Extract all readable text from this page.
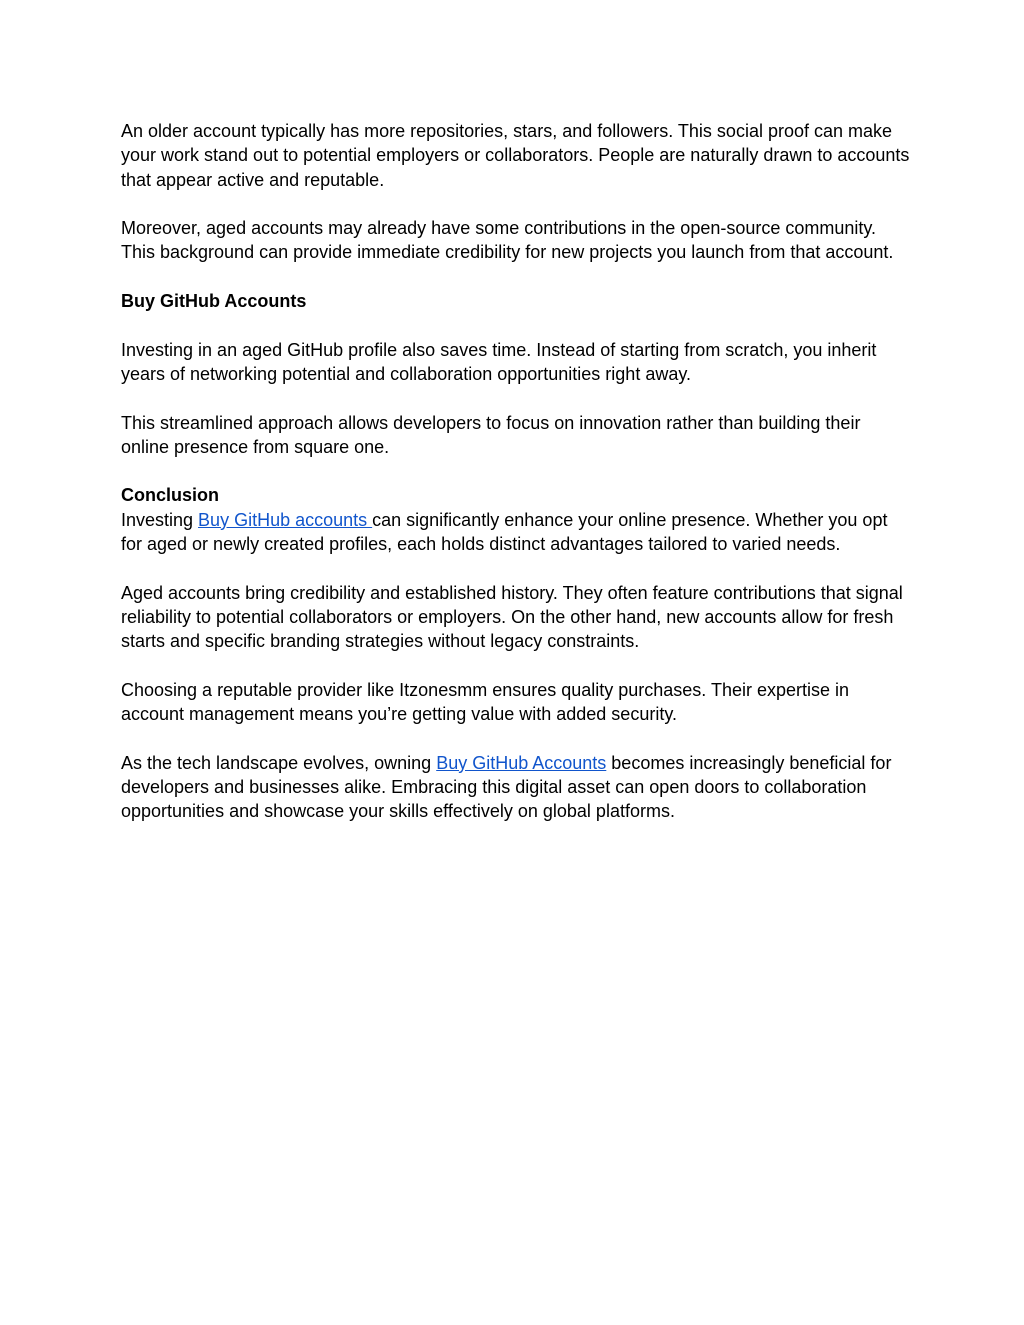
An older account typically has more repositories, stars, and followers. This social proof can make your work stand out to potential employers or collaborators. People are naturally drawn to accounts that appear active and reputable.

Moreover, aged accounts may already have some contributions in the open-source community. This background can provide immediate credibility for new projects you launch from that account.

Buy GitHub Accounts

Investing in an aged GitHub profile also saves time. Instead of starting from scratch, you inherit years of networking potential and collaboration opportunities right away.

This streamlined approach allows developers to focus on innovation rather than building their online presence from square one.

Conclusion

Investing Buy GitHub accounts can significantly enhance your online presence. Whether you opt for aged or newly created profiles, each holds distinct advantages tailored to varied needs.

Aged accounts bring credibility and established history. They often feature contributions that signal reliability to potential collaborators or employers. On the other hand, new accounts allow for fresh starts and specific branding strategies without legacy constraints.

Choosing a reputable provider like Itzonesmm ensures quality purchases. Their expertise in account management means you’re getting value with added security.

As the tech landscape evolves, owning Buy GitHub Accounts becomes increasingly beneficial for developers and businesses alike. Embracing this digital asset can open doors to collaboration opportunities and showcase your skills effectively on global platforms.
